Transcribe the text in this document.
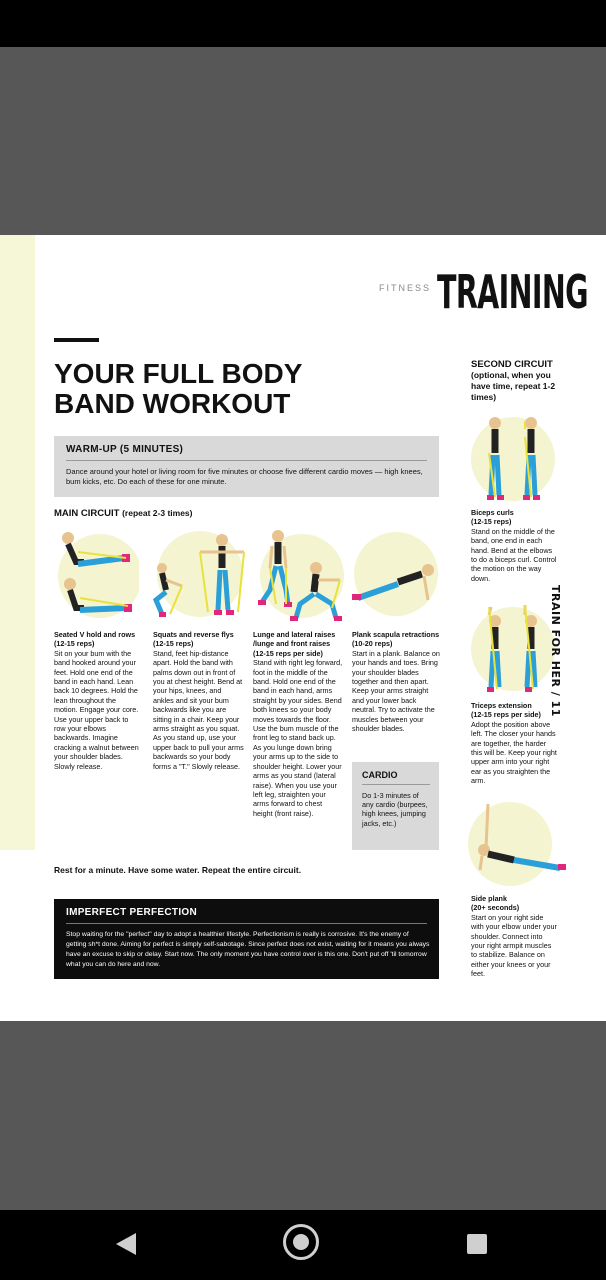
FITNESS TRAINING
YOUR FULL BODY
BAND WORKOUT
WARM-UP (5 MINUTES)
Dance around your hotel or living room for five minutes or choose five different cardio moves — high knees, bum kicks, etc. Do each of these for one minute.
MAIN CIRCUIT (repeat 2-3 times)
Seated V hold and rows
(12-15 reps)
Sit on your bum with the band hooked around your feet. Hold one end of the band in each hand. Lean back 10 degrees. Hold the lean throughout the motion. Engage your core. Use your upper back to row your elbows backwards. Imagine cracking a walnut between your shoulder blades. Slowly release.
Squats and reverse flys
(12-15 reps)
Stand, feet hip-distance apart. Hold the band with palms down out in front of you at chest height. Bend at your hips, knees, and ankles and sit your bum backwards like you are sitting in a chair. Keep your arms straight as you squat. As you stand up, use your upper back to pull your arms backwards so your body forms a "T." Slowly release.
Lunge and lateral raises /lunge and front raises
(12-15 reps per side)
Stand with right leg forward, foot in the middle of the band. Hold one end of the band in each hand, arms straight by your sides. Bend both knees so your body moves towards the floor. Use the bum muscle of the front leg to stand back up. As you lunge down bring your arms up to the side to shoulder height. Lower your arms as you stand (lateral raise). When you use your left leg, straighten your arms forward to chest height (front raise).
Plank scapula retractions
(10-20 reps)
Start in a plank. Balance on your hands and toes. Bring your shoulder blades together and then apart. Keep your arms straight and your lower back neutral. Try to activate the muscles between your shoulder blades.
CARDIO
Do 1-3 minutes of any cardio (burpees, high knees, jumping jacks, etc.)
Rest for a minute. Have some water. Repeat the entire circuit.
IMPERFECT PERFECTION
Stop waiting for the "perfect" day to adopt a healthier lifestyle. Perfectionism is really is corrosive. It's the enemy of getting sh*t done. Aiming for perfect is simply self-sabotage. Since perfect does not exist, waiting for it means you always have an excuse to skip or delay. Start now. The only moment you have control over is this one. Don't put off 'til tomorrow what you can do here and now.
SECOND CIRCUIT
(optional, when you have time, repeat 1-2 times)
Biceps curls
(12-15 reps)
Stand on the middle of the band, one end in each hand. Bend at the elbows to do a biceps curl. Control the motion on the way down.
Triceps extension
(12-15 reps per side)
Adopt the position above left. The closer your hands are together, the harder this will be. Keep your right upper arm into your right ear as you straighten the arm.
Side plank
(20+ seconds)
Start on your right side with your elbow under your shoulder. Connect into your right armpit muscles to stabilize. Balance on either your knees or your feet.
TRAIN FOR HER / 11
